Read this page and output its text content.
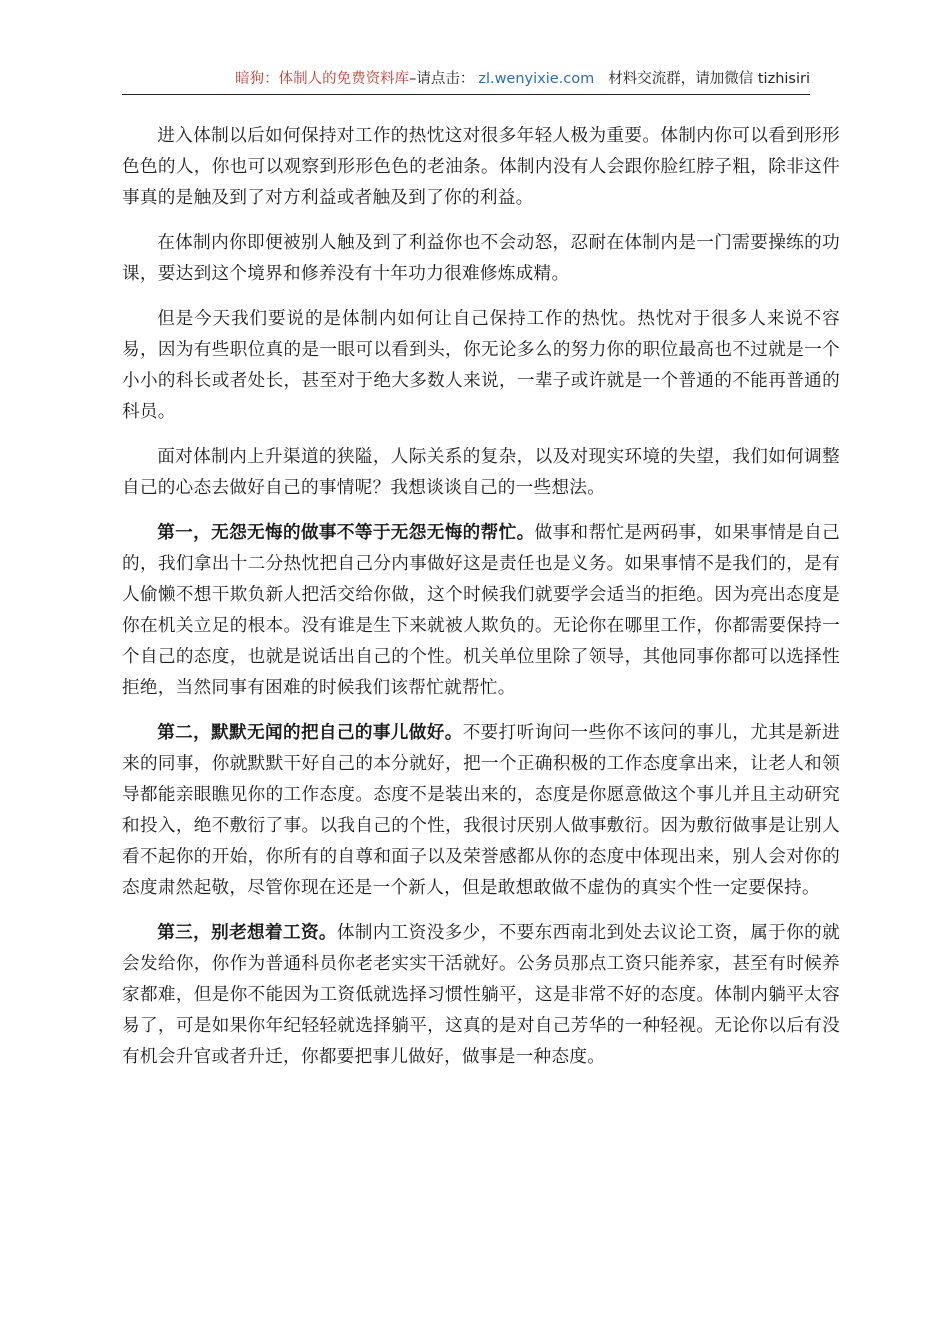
暗狗：体制人的免费资料库–请点击： zl.wenyixie.com 材料交流群，请加微信 tizhisiri

进入体制以后如何保持对工作的热忱这对很多年轻人极为重要。体制内你可以看到形形色色的人，你也可以观察到形形色色的老油条。体制内没有人会跟你脸红脖子粗，除非这件事真的是触及到了对方利益或者触及到了你的利益。

在体制内你即便被别人触及到了利益你也不会动怒，忍耐在体制内是一门需要操练的功课，要达到这个境界和修养没有十年功力很难修炼成精。

但是今天我们要说的是体制内如何让自己保持工作的热忱。热忱对于很多人来说不容易，因为有些职位真的是一眼可以看到头，你无论多么的努力你的职位最高也不过就是一个小小的科长或者处长，甚至对于绝大多数人来说，一辈子或许就是一个普通的不能再普通的科员。

面对体制内上升渠道的狭隘，人际关系的复杂，以及对现实环境的失望，我们如何调整自己的心态去做好自己的事情呢？我想谈谈自己的一些想法。

第一，无怨无悔的做事不等于无怨无悔的帮忙。做事和帮忙是两码事，如果事情是自己的，我们拿出十二分热忱把自己分内事做好这是责任也是义务。如果事情不是我们的，是有人偷懒不想干欺负新人把活交给你做，这个时候我们就要学会适当的拒绝。因为亮出态度是你在机关立足的根本。没有谁是生下来就被人欺负的。无论你在哪里工作，你都需要保持一个自己的态度，也就是说话出自己的个性。机关单位里除了领导，其他同事你都可以选择性拒绝，当然同事有困难的时候我们该帮忙就帮忙。

第二，默默无闻的把自己的事儿做好。不要打听询问一些你不该问的事儿，尤其是新进来的同事，你就默默干好自己的本分就好，把一个正确积极的工作态度拿出来，让老人和领导都能亲眼瞧见你的工作态度。态度不是装出来的，态度是你愿意做这个事儿并且主动研究和投入，绝不敷衍了事。以我自己的个性，我很讨厌别人做事敷衍。因为敷衍做事是让别人看不起你的开始，你所有的自尊和面子以及荣誉感都从你的态度中体现出来，别人会对你的态度肃然起敬，尽管你现在还是一个新人，但是敢想敢做不虚伪的真实个性一定要保持。

第三，别老想着工资。体制内工资没多少，不要东西南北到处去议论工资，属于你的就会发给你，你作为普通科员你老老实实干活就好。公务员那点工资只能养家，甚至有时候养家都难，但是你不能因为工资低就选择习惯性躺平，这是非常不好的态度。体制内躺平太容易了，可是如果你年纪轻轻就选择躺平，这真的是对自己芳华的一种轻视。无论你以后有没有机会升官或者升迁，你都要把事儿做好，做事是一种态度。
